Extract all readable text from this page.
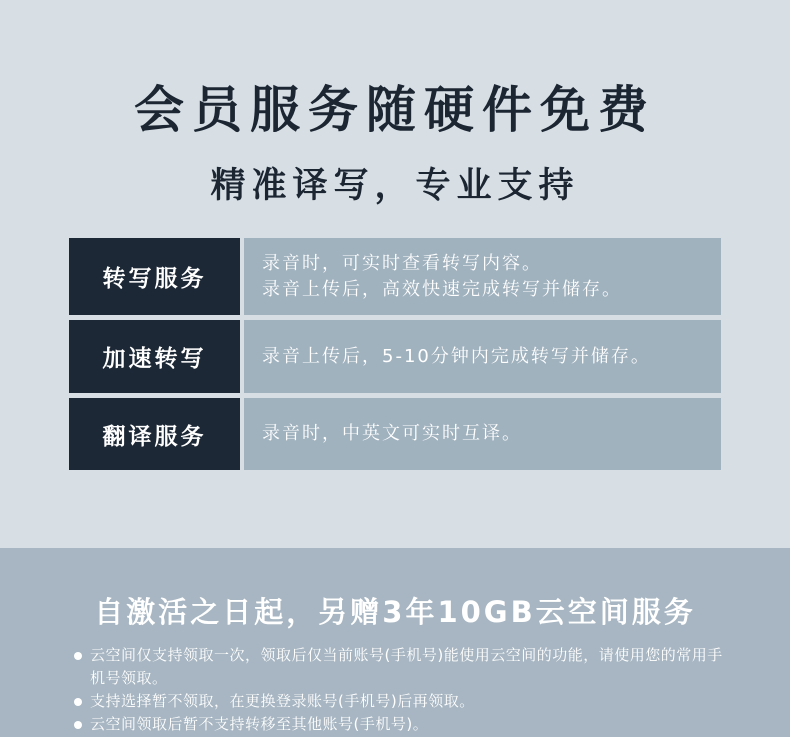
会员服务随硬件免费
精准译写，专业支持
转写服务
录音时，可实时查看转写内容。
录音上传后，高效快速完成转写并储存。
加速转写	录音上传后，5-10分钟内完成转写并储存。
翻译服务	录音时，中英文可实时互译。
自激活之日起，另赠3年10GB云空间服务
云空间仅支持领取一次，领取后仅当前账号(手机号)能使用云空间的功能，请使用您的常用手机号领取。
支持选择暂不领取，在更换登录账号(手机号)后再领取。
云空间领取后暂不支持转移至其他账号(手机号)。
